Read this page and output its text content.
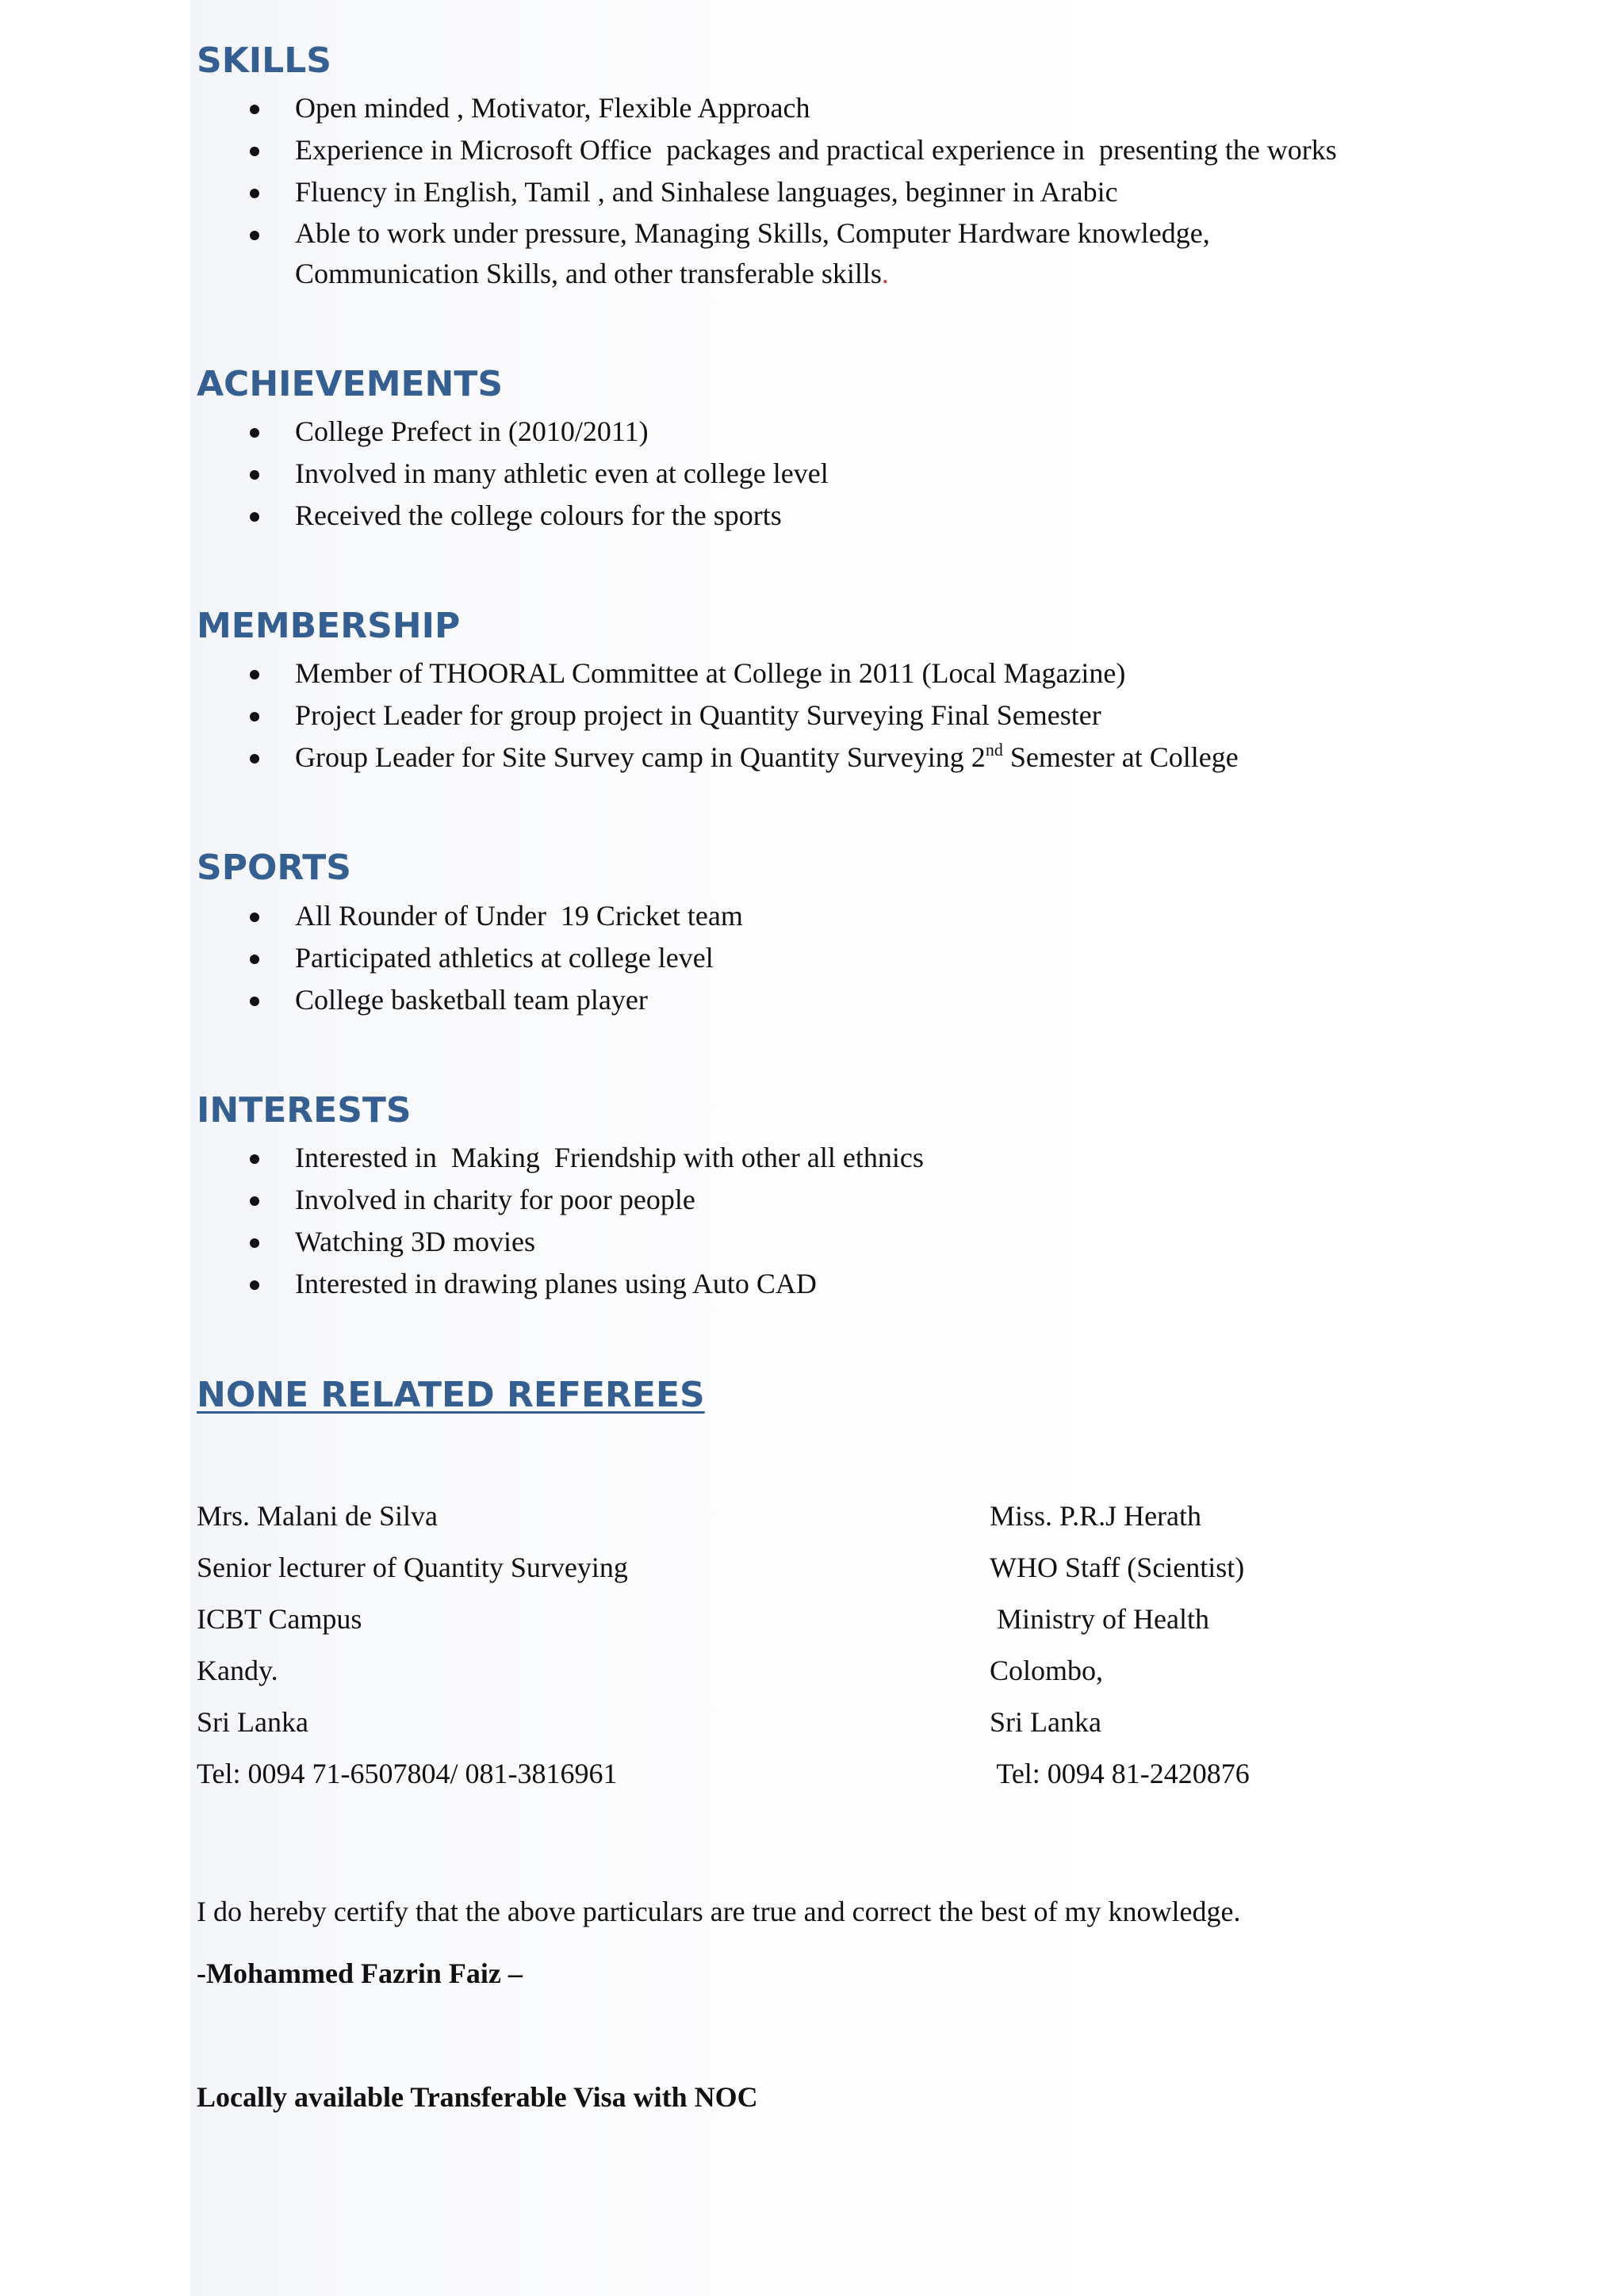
SKILLS
Open minded , Motivator, Flexible Approach
Experience in Microsoft Office  packages and practical experience in  presenting the works
Fluency in English, Tamil , and Sinhalese languages, beginner in Arabic
Able to work under pressure, Managing Skills, Computer Hardware knowledge,
Communication Skills, and other transferable skills.
ACHIEVEMENTS
College Prefect in (2010/2011)
Involved in many athletic even at college level
Received the college colours for the sports
MEMBERSHIP
Member of THOORAL Committee at College in 2011 (Local Magazine)
Project Leader for group project in Quantity Surveying Final Semester
Group Leader for Site Survey camp in Quantity Surveying 2nd Semester at College
SPORTS
All Rounder of Under  19 Cricket team
Participated athletics at college level
College basketball team player
INTERESTS
Interested in  Making  Friendship with other all ethnics
Involved in charity for poor people
Watching 3D movies
Interested in drawing planes using Auto CAD
NONE RELATED REFEREES
Mrs. Malani de Silva
Senior lecturer of Quantity Surveying
ICBT Campus
Kandy.
Sri Lanka
Tel: 0094 71-6507804/ 081-3816961
Miss. P.R.J Herath
WHO Staff (Scientist)
Ministry of Health
Colombo,
Sri Lanka
Tel: 0094 81-2420876
I do hereby certify that the above particulars are true and correct the best of my knowledge.
-Mohammed Fazrin Faiz –
Locally available Transferable Visa with NOC
